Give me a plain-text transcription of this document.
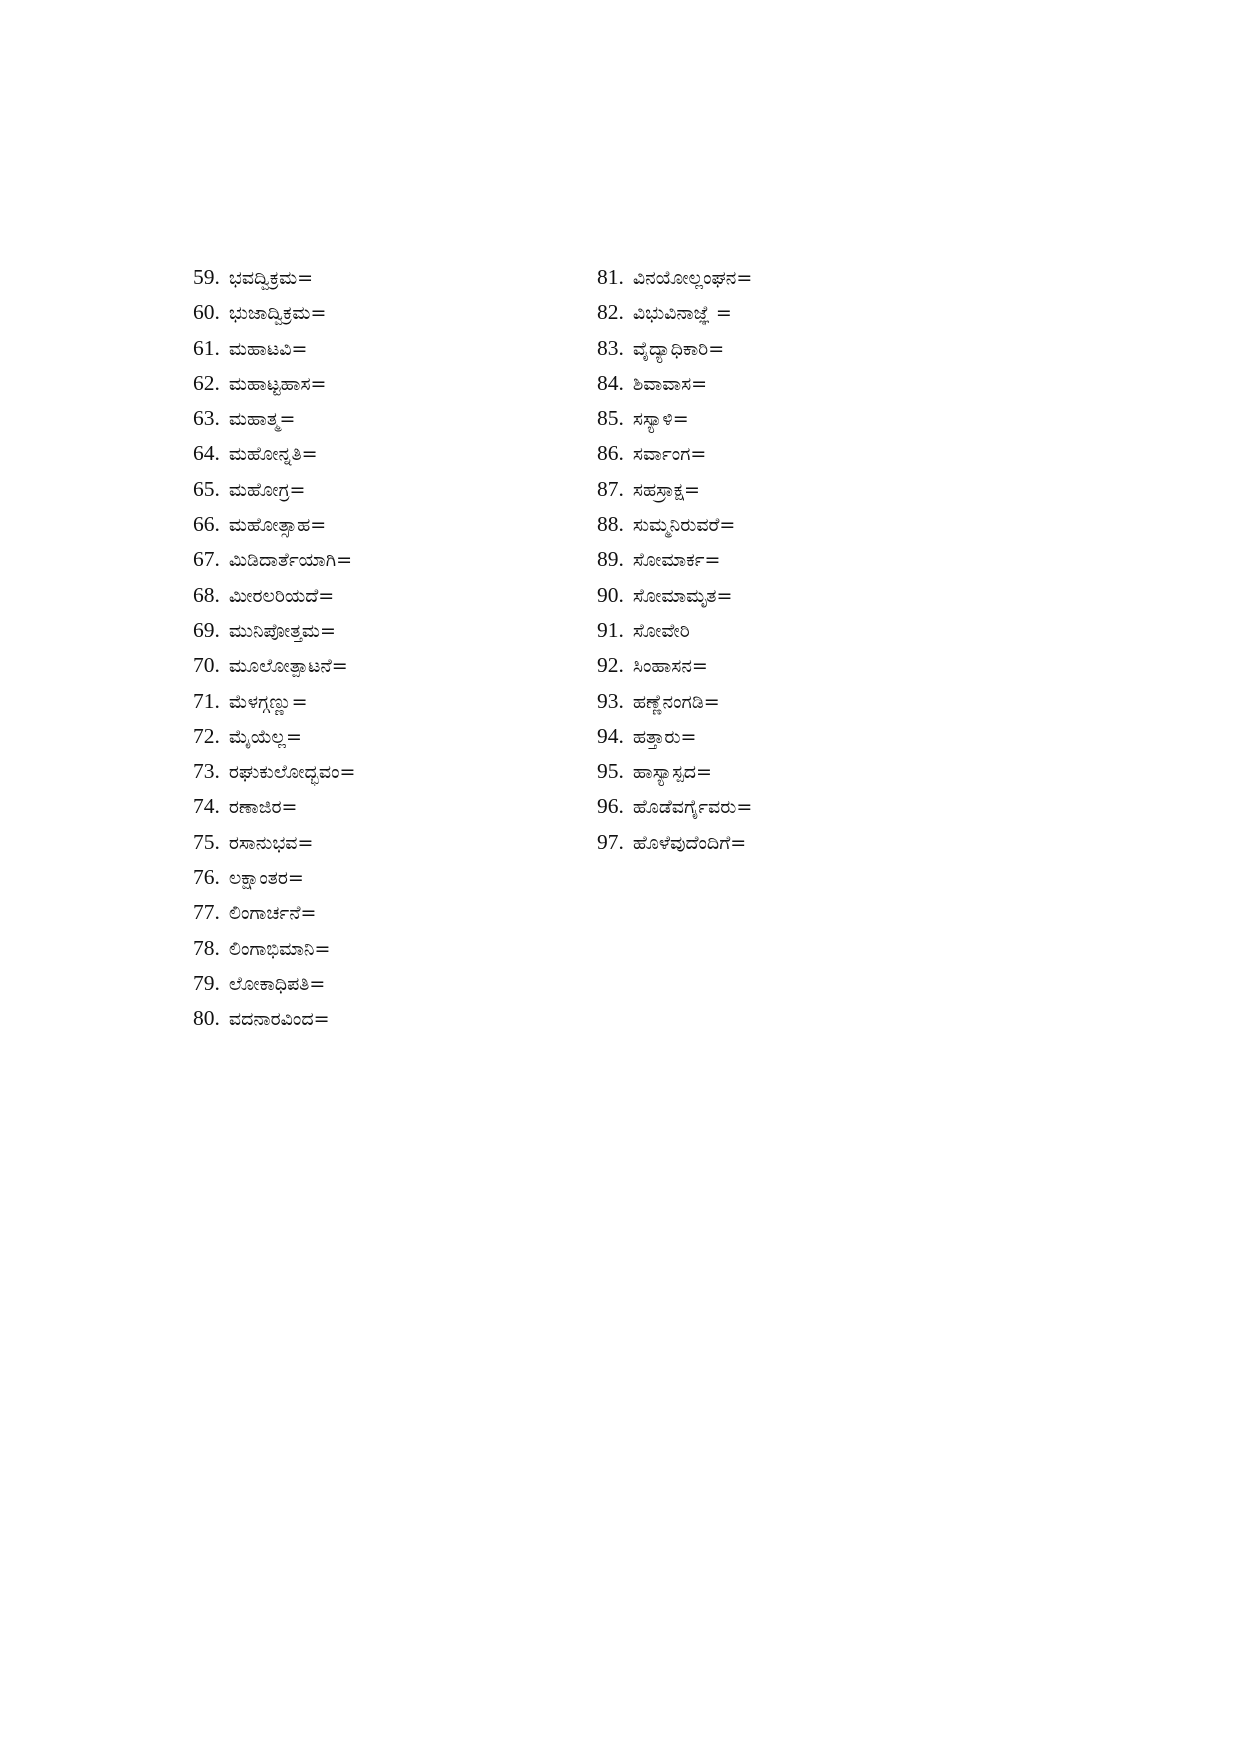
59. ಭವದ್ವಿಕ್ರಮ=
60. ಭುಜಾದ್ವಿಕ್ರಮ=
61. ಮಹಾಟವಿ=
62. ಮಹಾಟ್ಟಹಾಸ=
63. ಮಹಾತ್ಮ=
64. ಮಹೋನ್ನತಿ=
65. ಮಹೋಗ್ರ=
66. ಮಹೋತ್ಸಾಹ=
67. ಮಿಡಿದಾರ್ತೆಯಾಗಿ=
68. ಮೀರಲರಿಯದೆ=
69. ಮುನಿಪೋತ್ತಮ=
70. ಮೂಲೋತ್ಪಾಟನೆ=
71. ಮೆಳಗ್ಗಣ್ಣು=
72. ಮೈಯೆಲ್ಲ=
73. ರಘುಕುಲೋದ್ಭವಂ=
74. ರಣಾಜಿರ=
75. ರಸಾನುಭವ=
76. ಲಕ್ಷಾಂತರ=
77. ಲಿಂಗಾರ್ಚನೆ=
78. ಲಿಂಗಾಭಿಮಾನಿ=
79. ಲೋಕಾಧಿಪತಿ=
80. ವದನಾರವಿಂದ=
81. ವಿನಯೋಲ್ಲಂಘನ=
82. ವಿಭುವಿನಾಜ್ಞೆ =
83. ವೈದ್ಯಾಧಿಕಾರಿ=
84. ಶಿವಾವಾಸ=
85. ಸಸ್ಯಾಳಿ=
86. ಸರ್ವಾಂಗ=
87. ಸಹಸ್ರಾಕ್ಷ=
88. ಸುಮ್ಮನಿರುವರೆ=
89. ಸೋಮಾರ್ಕ=
90. ಸೋಮಾಮೃತ=
91. ಸೋವೇರಿ
92. ಸಿಂಹಾಸನ=
93. ಹಣ್ಣೆನಂಗಡಿ=
94. ಹತ್ತಾರು=
95. ಹಾಸ್ಯಾಸ್ಪದ=
96. ಹೊಡೆವರ್ಗೈವರು=
97. ಹೊಳೆವುದೆಂದಿಗೆ=
